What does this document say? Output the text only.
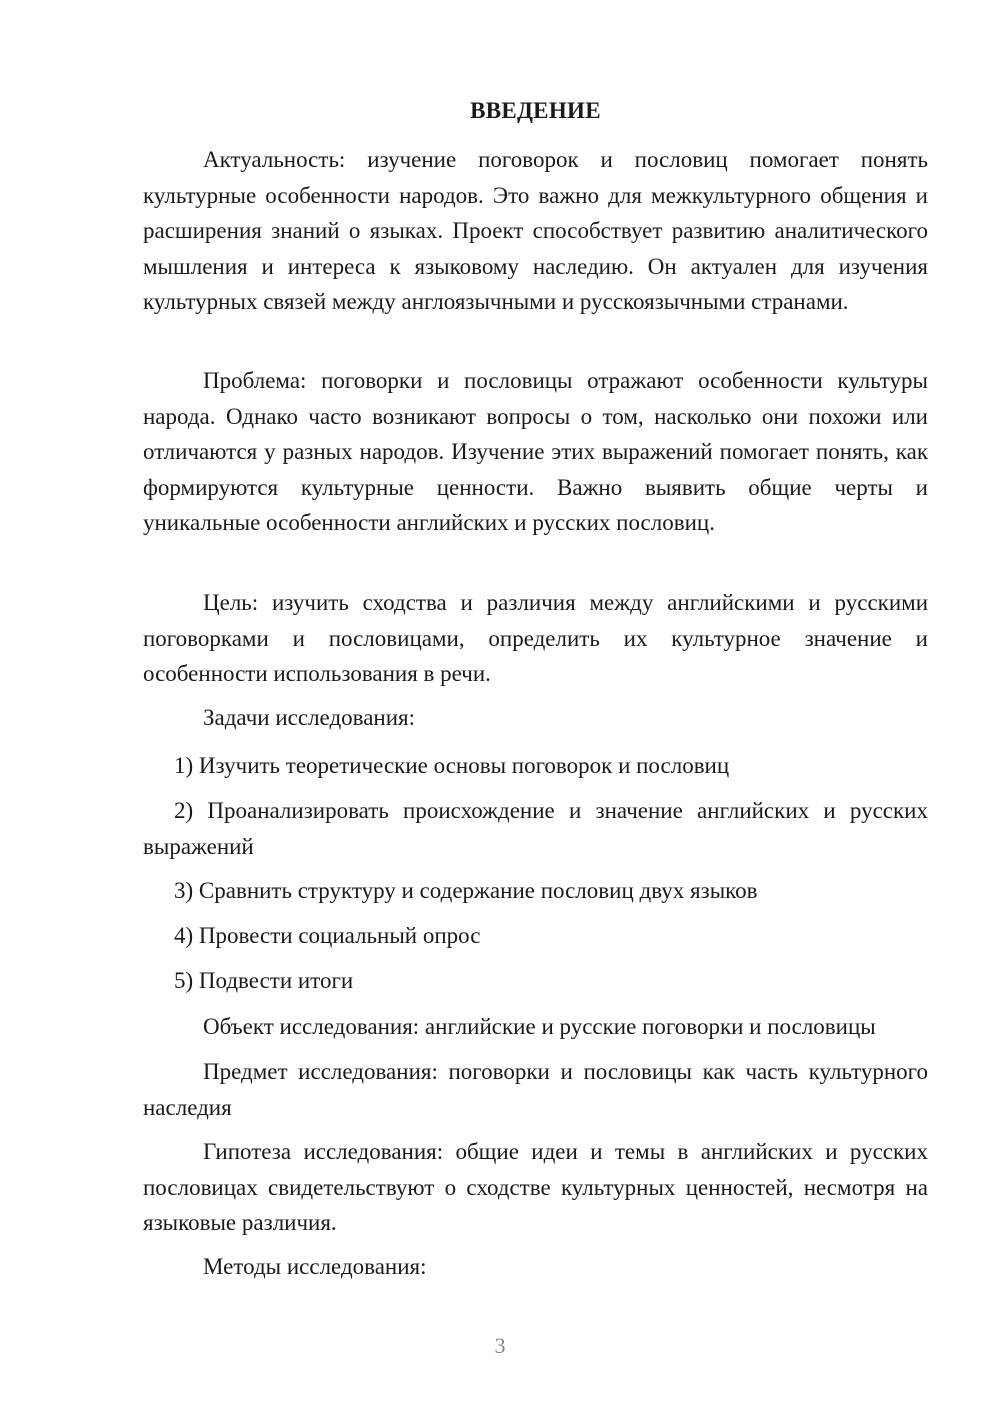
ВВЕДЕНИЕ

Актуальность: изучение поговорок и пословиц помогает понять культурные особенности народов. Это важно для межкультурного общения и расширения знаний о языках. Проект способствует развитию аналитического мышления и интереса к языковому наследию. Он актуален для изучения культурных связей между англоязычными и русскоязычными странами.

Проблема: поговорки и пословицы отражают особенности культуры народа. Однако часто возникают вопросы о том, насколько они похожи или отличаются у разных народов. Изучение этих выражений помогает понять, как формируются культурные ценности. Важно выявить общие черты и уникальные особенности английских и русских пословиц.

Цель: изучить сходства и различия между английскими и русскими поговорками и пословицами, определить их культурное значение и особенности использования в речи.

Задачи исследования:

1) Изучить теоретические основы поговорок и пословиц

2) Проанализировать происхождение и значение английских и русских выражений

3) Сравнить структуру и содержание пословиц двух языков

4) Провести социальный опрос

5) Подвести итоги

Объект исследования: английские и русские поговорки и пословицы

Предмет исследования: поговорки и пословицы как часть культурного наследия

Гипотеза исследования: общие идеи и темы в английских и русских пословицах свидетельствуют о сходстве культурных ценностей, несмотря на языковые различия.

Методы исследования:

3
